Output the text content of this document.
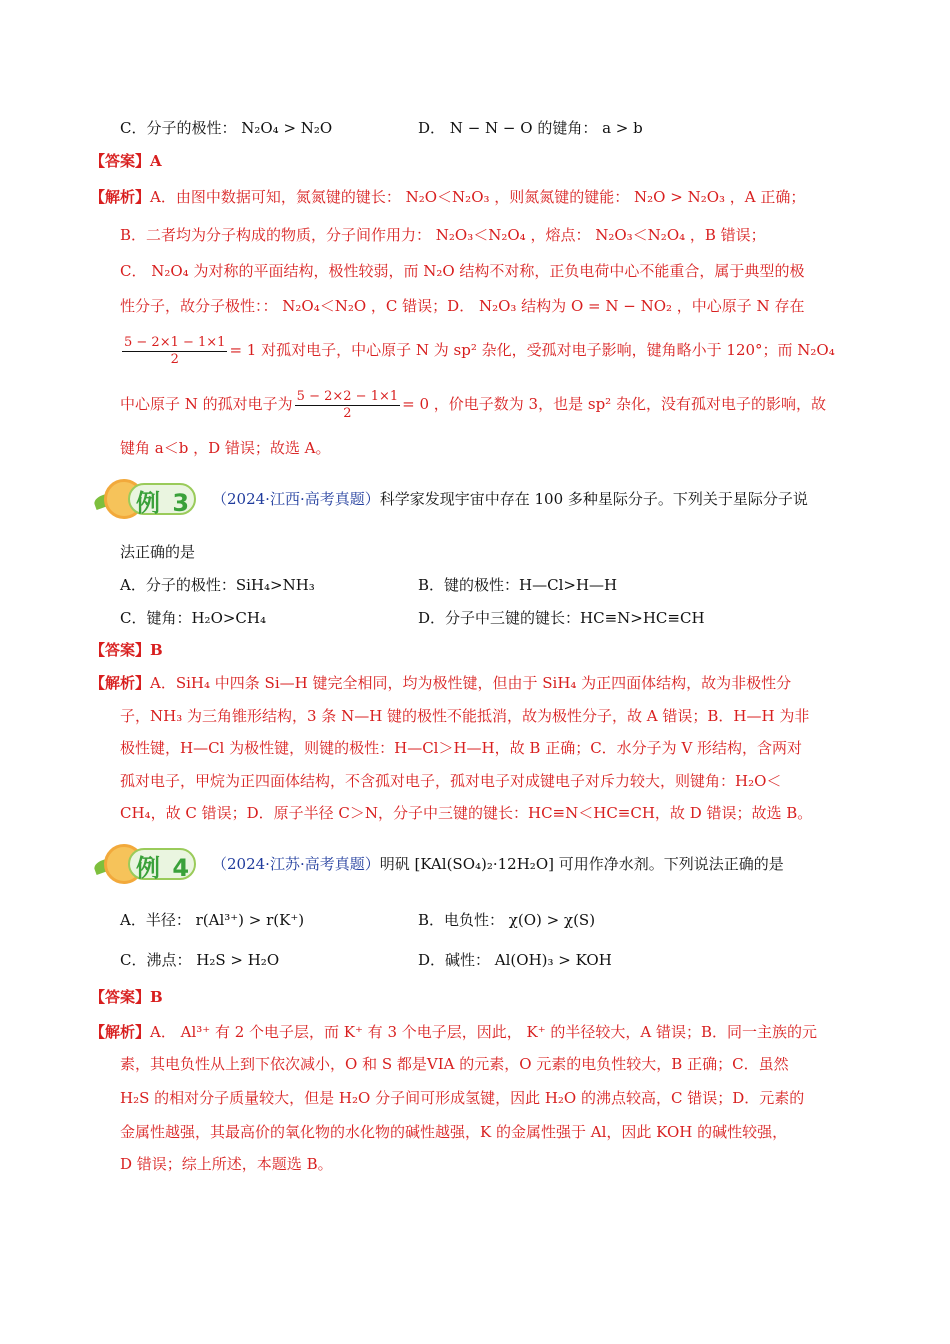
C．分子的极性： N₂O₄ > N₂O	D． N − N − O 的键角： a > b
【答案】A
【解析】A．由图中数据可知，氮氮键的键长： N₂O＜N₂O₃ ，则氮氮键的键能： N₂O > N₂O₃ ，A 正确；
B．二者均为分子构成的物质，分子间作用力： N₂O₃＜N₂O₄ ，熔点： N₂O₃＜N₂O₄ ，B 错误；
C． N₂O₄ 为对称的平面结构，极性较弱，而 N₂O 结构不对称，正负电荷中心不能重合，属于典型的极
性分子，故分子极性：： N₂O₄＜N₂O ，C 错误；D． N₂O₃ 结构为 O = N − NO₂ ，中心原子 N 存在
$\frac{5 - 2\times 1 - 1\times 1}{2} = 1$ 对孤对电子，中心原子 N 为 sp² 杂化，受孤对电子影响，键角略小于 120°；而 N₂O₄
中心原子 N 的孤对电子为 $\frac{5 - 2\times 2 - 1\times 1}{2} = 0$ ，价电子数为 3，也是 sp² 杂化，没有孤对电子的影响，故
键角 a＜b ，D 错误；故选 A。
例 3 （2024·江西·高考真题）科学家发现宇宙中存在 100 多种星际分子。下列关于星际分子说
法正确的是
A．分子的极性：SiH₄>NH₃	B．键的极性：H—Cl>H—H
C．键角：H₂O>CH₄	D．分子中三键的键长：HC≡N>HC≡CH
【答案】B
【解析】A．SiH₄ 中四条 Si—H 键完全相同，均为极性键，但由于 SiH₄ 为正四面体结构，故为非极性分
子，NH₃ 为三角锥形结构，3 条 N—H 键的极性不能抵消，故为极性分子，故 A 错误；B．H—H 为非
极性键，H—Cl 为极性键，则键的极性：H—Cl＞H—H，故 B 正确；C．水分子为 V 形结构，含两对
孤对电子，甲烷为正四面体结构，不含孤对电子，孤对电子对成键电子对斥力较大，则键角：H₂O＜
CH₄，故 C 错误；D．原子半径 C＞N，分子中三键的键长：HC≡N＜HC≡CH，故 D 错误；故选 B。
例 4 （2024·江苏·高考真题）明矾 [KAl(SO₄)₂·12H₂O] 可用作净水剂。下列说法正确的是
A．半径： r(Al³⁺) > r(K⁺)	B．电负性： χ(O) > χ(S)
C．沸点： H₂S > H₂O	D．碱性： Al(OH)₃ > KOH
【答案】B
【解析】A． Al³⁺ 有 2 个电子层，而 K⁺ 有 3 个电子层，因此， K⁺ 的半径较大，A 错误；B．同一主族的元
素，其电负性从上到下依次减小，O 和 S 都是VIA 的元素，O 元素的电负性较大，B 正确；C．虽然
H₂S 的相对分子质量较大，但是 H₂O 分子间可形成氢键，因此 H₂O 的沸点较高，C 错误；D．元素的
金属性越强，其最高价的氧化物的水化物的碱性越强，K 的金属性强于 Al，因此 KOH 的碱性较强，
D 错误；综上所述，本题选 B。
